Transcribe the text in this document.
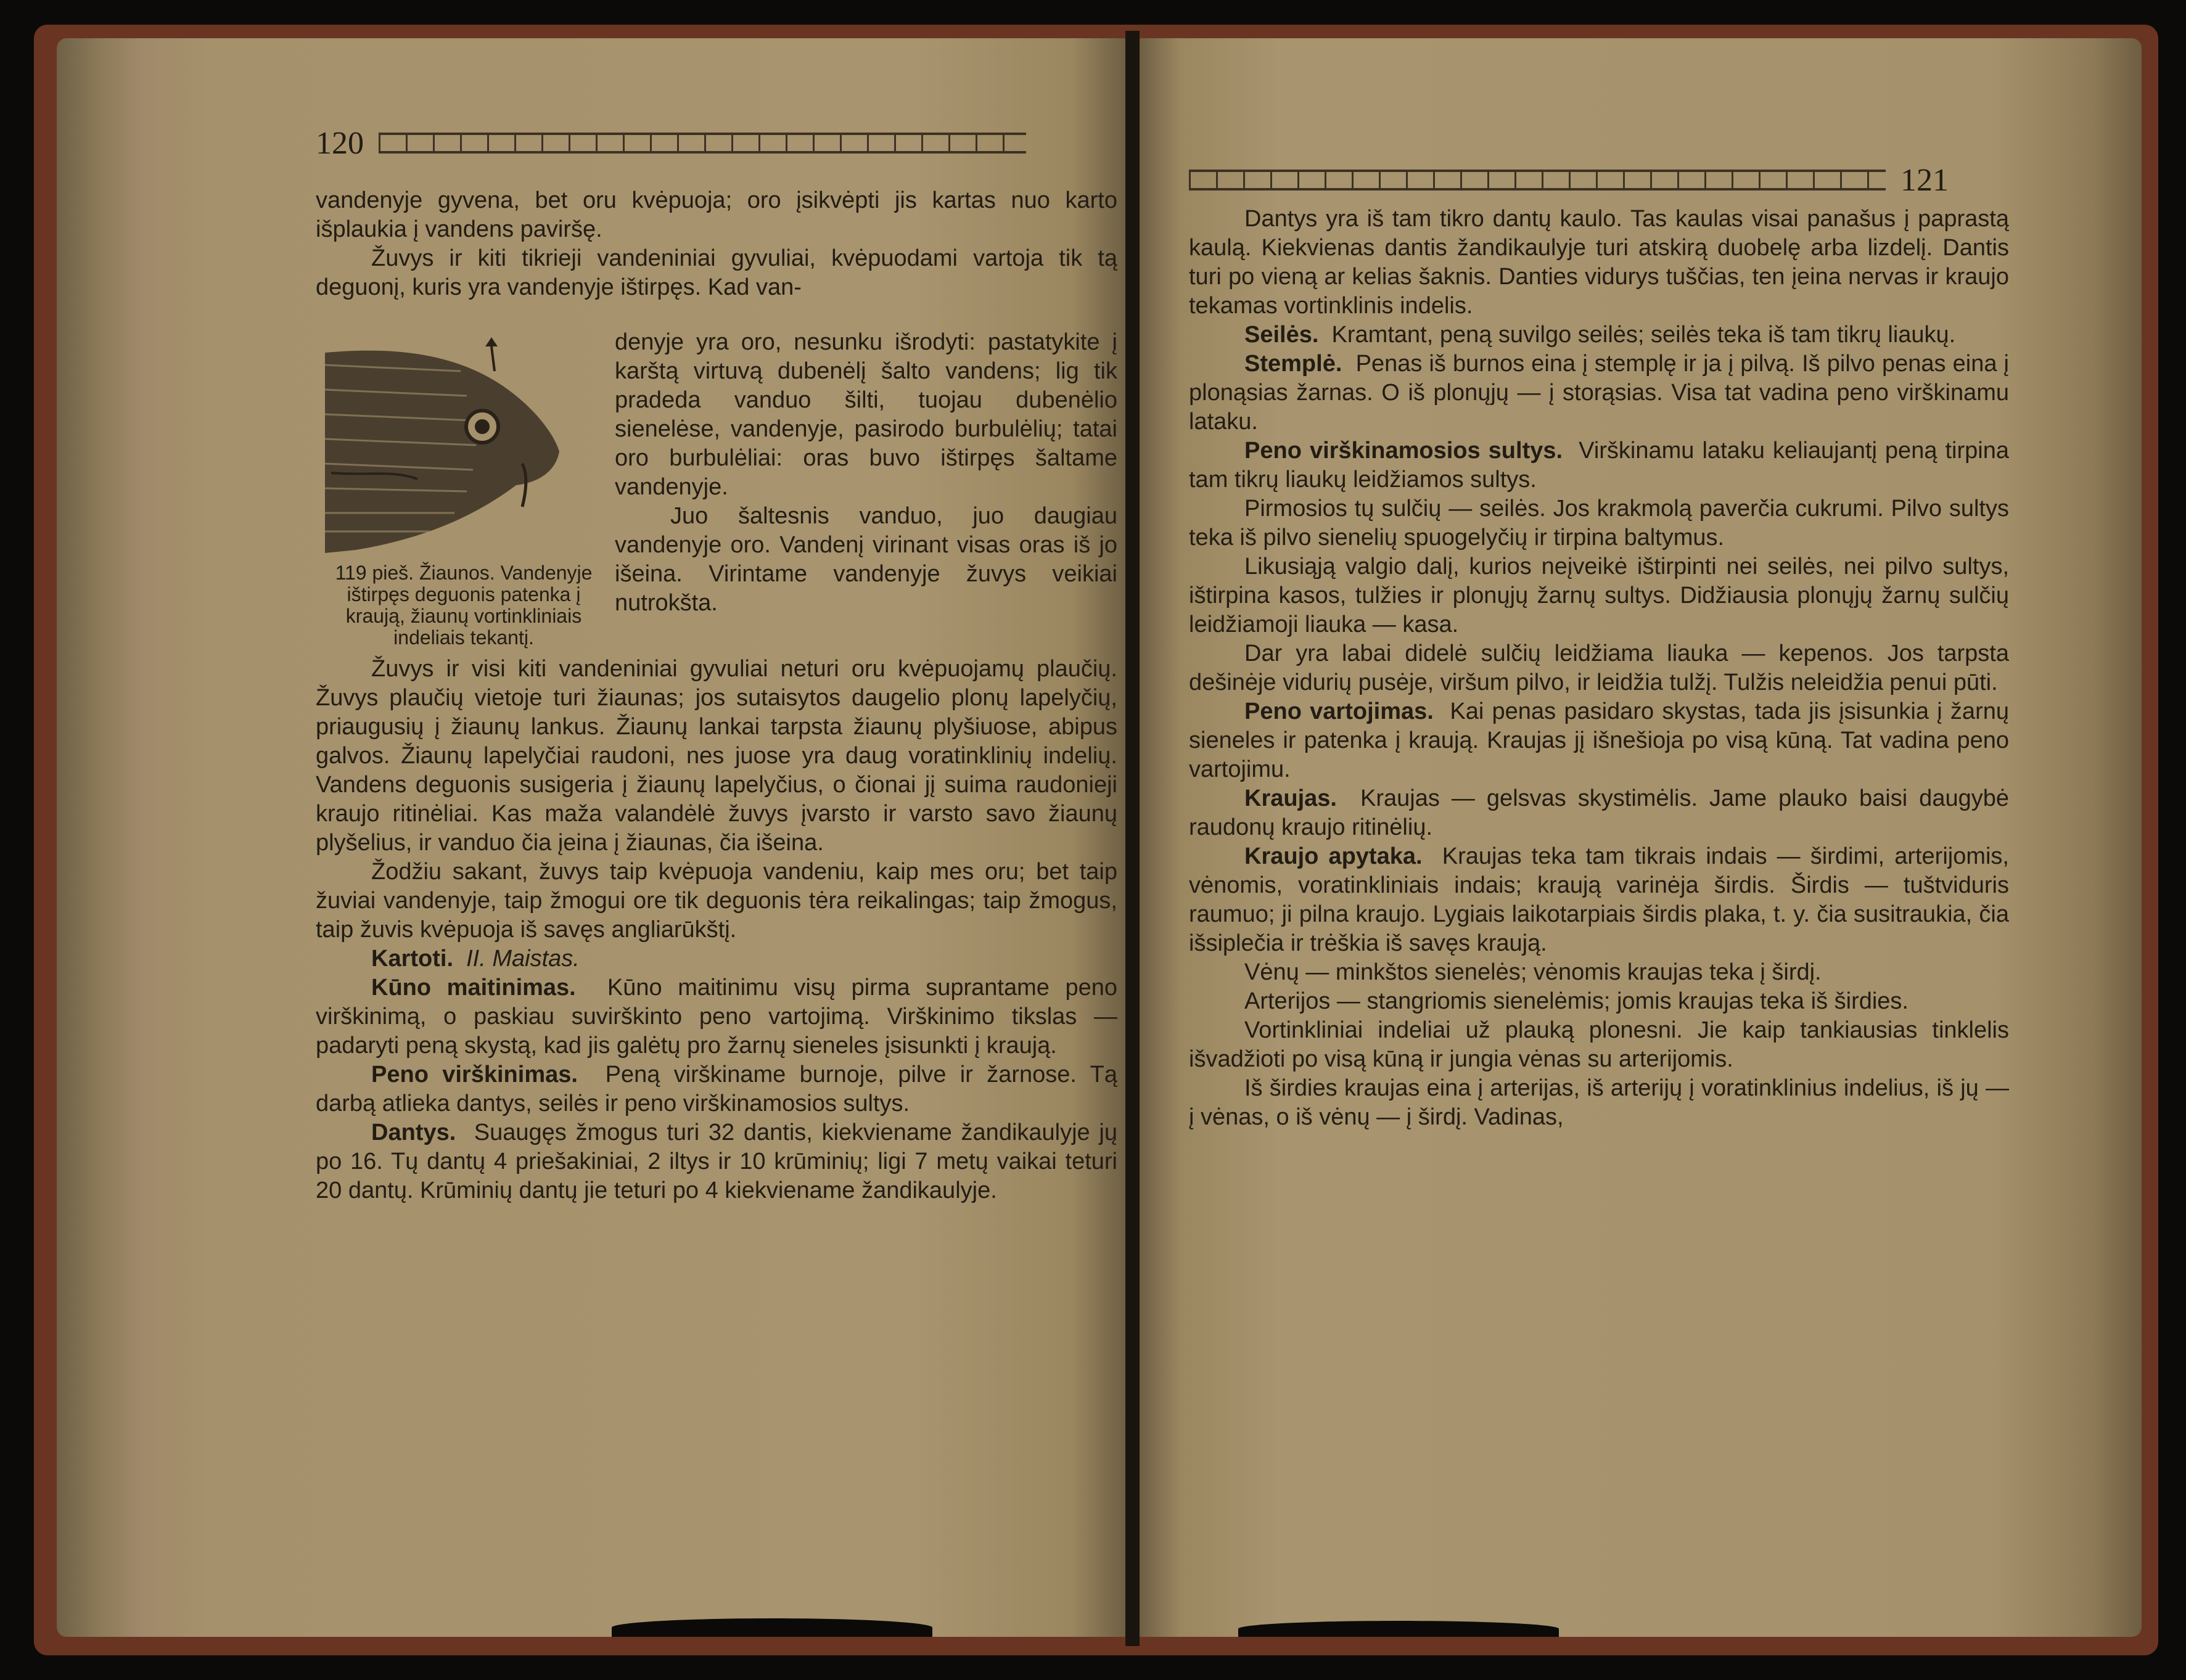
120

vandenyje gyvena, bet oru kvėpuoja; oro įsikvėpti jis kartas nuo karto išplaukia į vandens paviršę.

Žuvys ir kiti tikrieji vandeniniai gyvuliai, kvėpuodami vartoja tik tą deguonį, kuris yra vandenyje ištirpęs. Kad van-

119 pieš. Žiaunos. Vandenyje ištirpęs deguonis patenka į kraują, žiaunų vortinkliniais indeliais tekantį.

denyje yra oro, nesunku išrodyti: pastatykite į karštą virtuvą dubenėlį šalto vandens; lig tik pradeda vanduo šilti, tuojau dubenėlio sienelėse, vandenyje, pasirodo burbulėlių; tatai oro burbulėliai: oras buvo ištirpęs šaltame vandenyje.

Juo šaltesnis vanduo, juo daugiau vandenyje oro. Vandenį virinant visas oras iš jo išeina. Virintame vandenyje žuvys veikiai nutrokšta.

Žuvys ir visi kiti vandeniniai gyvuliai neturi oru kvėpuojamų plaučių. Žuvys plaučių vietoje turi žiaunas; jos sutaisytos daugelio plonų lapelyčių, priaugusių į žiaunų lankus. Žiaunų lankai tarpsta žiaunų plyšiuose, abipus galvos. Žiaunų lapelyčiai raudoni, nes juose yra daug voratinklinių indelių. Vandens deguonis susigeria į žiaunų lapelyčius, o čionai jį suima raudonieji kraujo ritinėliai. Kas maža valandėlė žuvys įvarsto ir varsto savo žiaunų plyšelius, ir vanduo čia įeina į žiaunas, čia išeina.

Žodžiu sakant, žuvys taip kvėpuoja vandeniu, kaip mes oru; bet taip žuviai vandenyje, taip žmogui ore tik deguonis tėra reikalingas; taip žmogus, taip žuvis kvėpuoja iš savęs angliarūkštį.

Kartoti. II. Maistas.

Kūno maitinimas. Kūno maitinimu visų pirma suprantame peno virškinimą, o paskiau suvirškinto peno vartojimą. Virškinimo tikslas — padaryti peną skystą, kad jis galėtų pro žarnų sieneles įsisunkti į kraują.

Peno virškinimas. Peną virškiname burnoje, pilve ir žarnose. Tą darbą atlieka dantys, seilės ir peno virškinamosios sultys.

Dantys. Suaugęs žmogus turi 32 dantis, kiekviename žandikaulyje jų po 16. Tų dantų 4 priešakiniai, 2 iltys ir 10 krūminių; ligi 7 metų vaikai teturi 20 dantų. Krūminių dantų jie teturi po 4 kiekviename žandikaulyje.

121

Dantys yra iš tam tikro dantų kaulo. Tas kaulas visai panašus į paprastą kaulą. Kiekvienas dantis žandikaulyje turi atskirą duobelę arba lizdelį. Dantis turi po vieną ar kelias šaknis. Danties vidurys tuščias, ten įeina nervas ir kraujo tekamas vortinklinis indelis.

Seilės. Kramtant, peną suvilgo seilės; seilės teka iš tam tikrų liaukų.

Stemplė. Penas iš burnos eina į stemplę ir ja į pilvą. Iš pilvo penas eina į plonąsias žarnas. O iš plonųjų — į storąsias. Visa tat vadina peno virškinamu lataku.

Peno virškinamosios sultys. Virškinamu lataku keliaujantį peną tirpina tam tikrų liaukų leidžiamos sultys.

Pirmosios tų sulčių — seilės. Jos krakmolą paverčia cukrumi. Pilvo sultys teka iš pilvo sienelių spuogelyčių ir tirpina baltymus.

Likusiąją valgio dalį, kurios neįveikė ištirpinti nei seilės, nei pilvo sultys, ištirpina kasos, tulžies ir plonųjų žarnų sultys. Didžiausia plonųjų žarnų sulčių leidžiamoji liauka — kasa.

Dar yra labai didelė sulčių leidžiama liauka — kepenos. Jos tarpsta dešinėje vidurių pusėje, viršum pilvo, ir leidžia tulžį. Tulžis neleidžia penui pūti.

Peno vartojimas. Kai penas pasidaro skystas, tada jis įsisunkia į žarnų sieneles ir patenka į kraują. Kraujas jį išnešioja po visą kūną. Tat vadina peno vartojimu.

Kraujas. Kraujas — gelsvas skystimėlis. Jame plauko baisi daugybė raudonų kraujo ritinėlių.

Kraujo apytaka. Kraujas teka tam tikrais indais — širdimi, arterijomis, vėnomis, voratinkliniais indais; kraują varinėja širdis. Širdis — tuštviduris raumuo; ji pilna kraujo. Lygiais laikotarpiais širdis plaka, t. y. čia susitraukia, čia išsiplečia ir trėškia iš savęs kraują.

Vėnų — minkštos sienelės; vėnomis kraujas teka į širdį.

Arterijos — stangriomis sienelėmis; jomis kraujas teka iš širdies.

Vortinkliniai indeliai už plauką plonesni. Jie kaip tankiausias tinklelis išvadžioti po visą kūną ir jungia vėnas su arterijomis.

Iš širdies kraujas eina į arterijas, iš arterijų į voratinklinius indelius, iš jų — į vėnas, o iš vėnų — į širdį. Vadinas,
